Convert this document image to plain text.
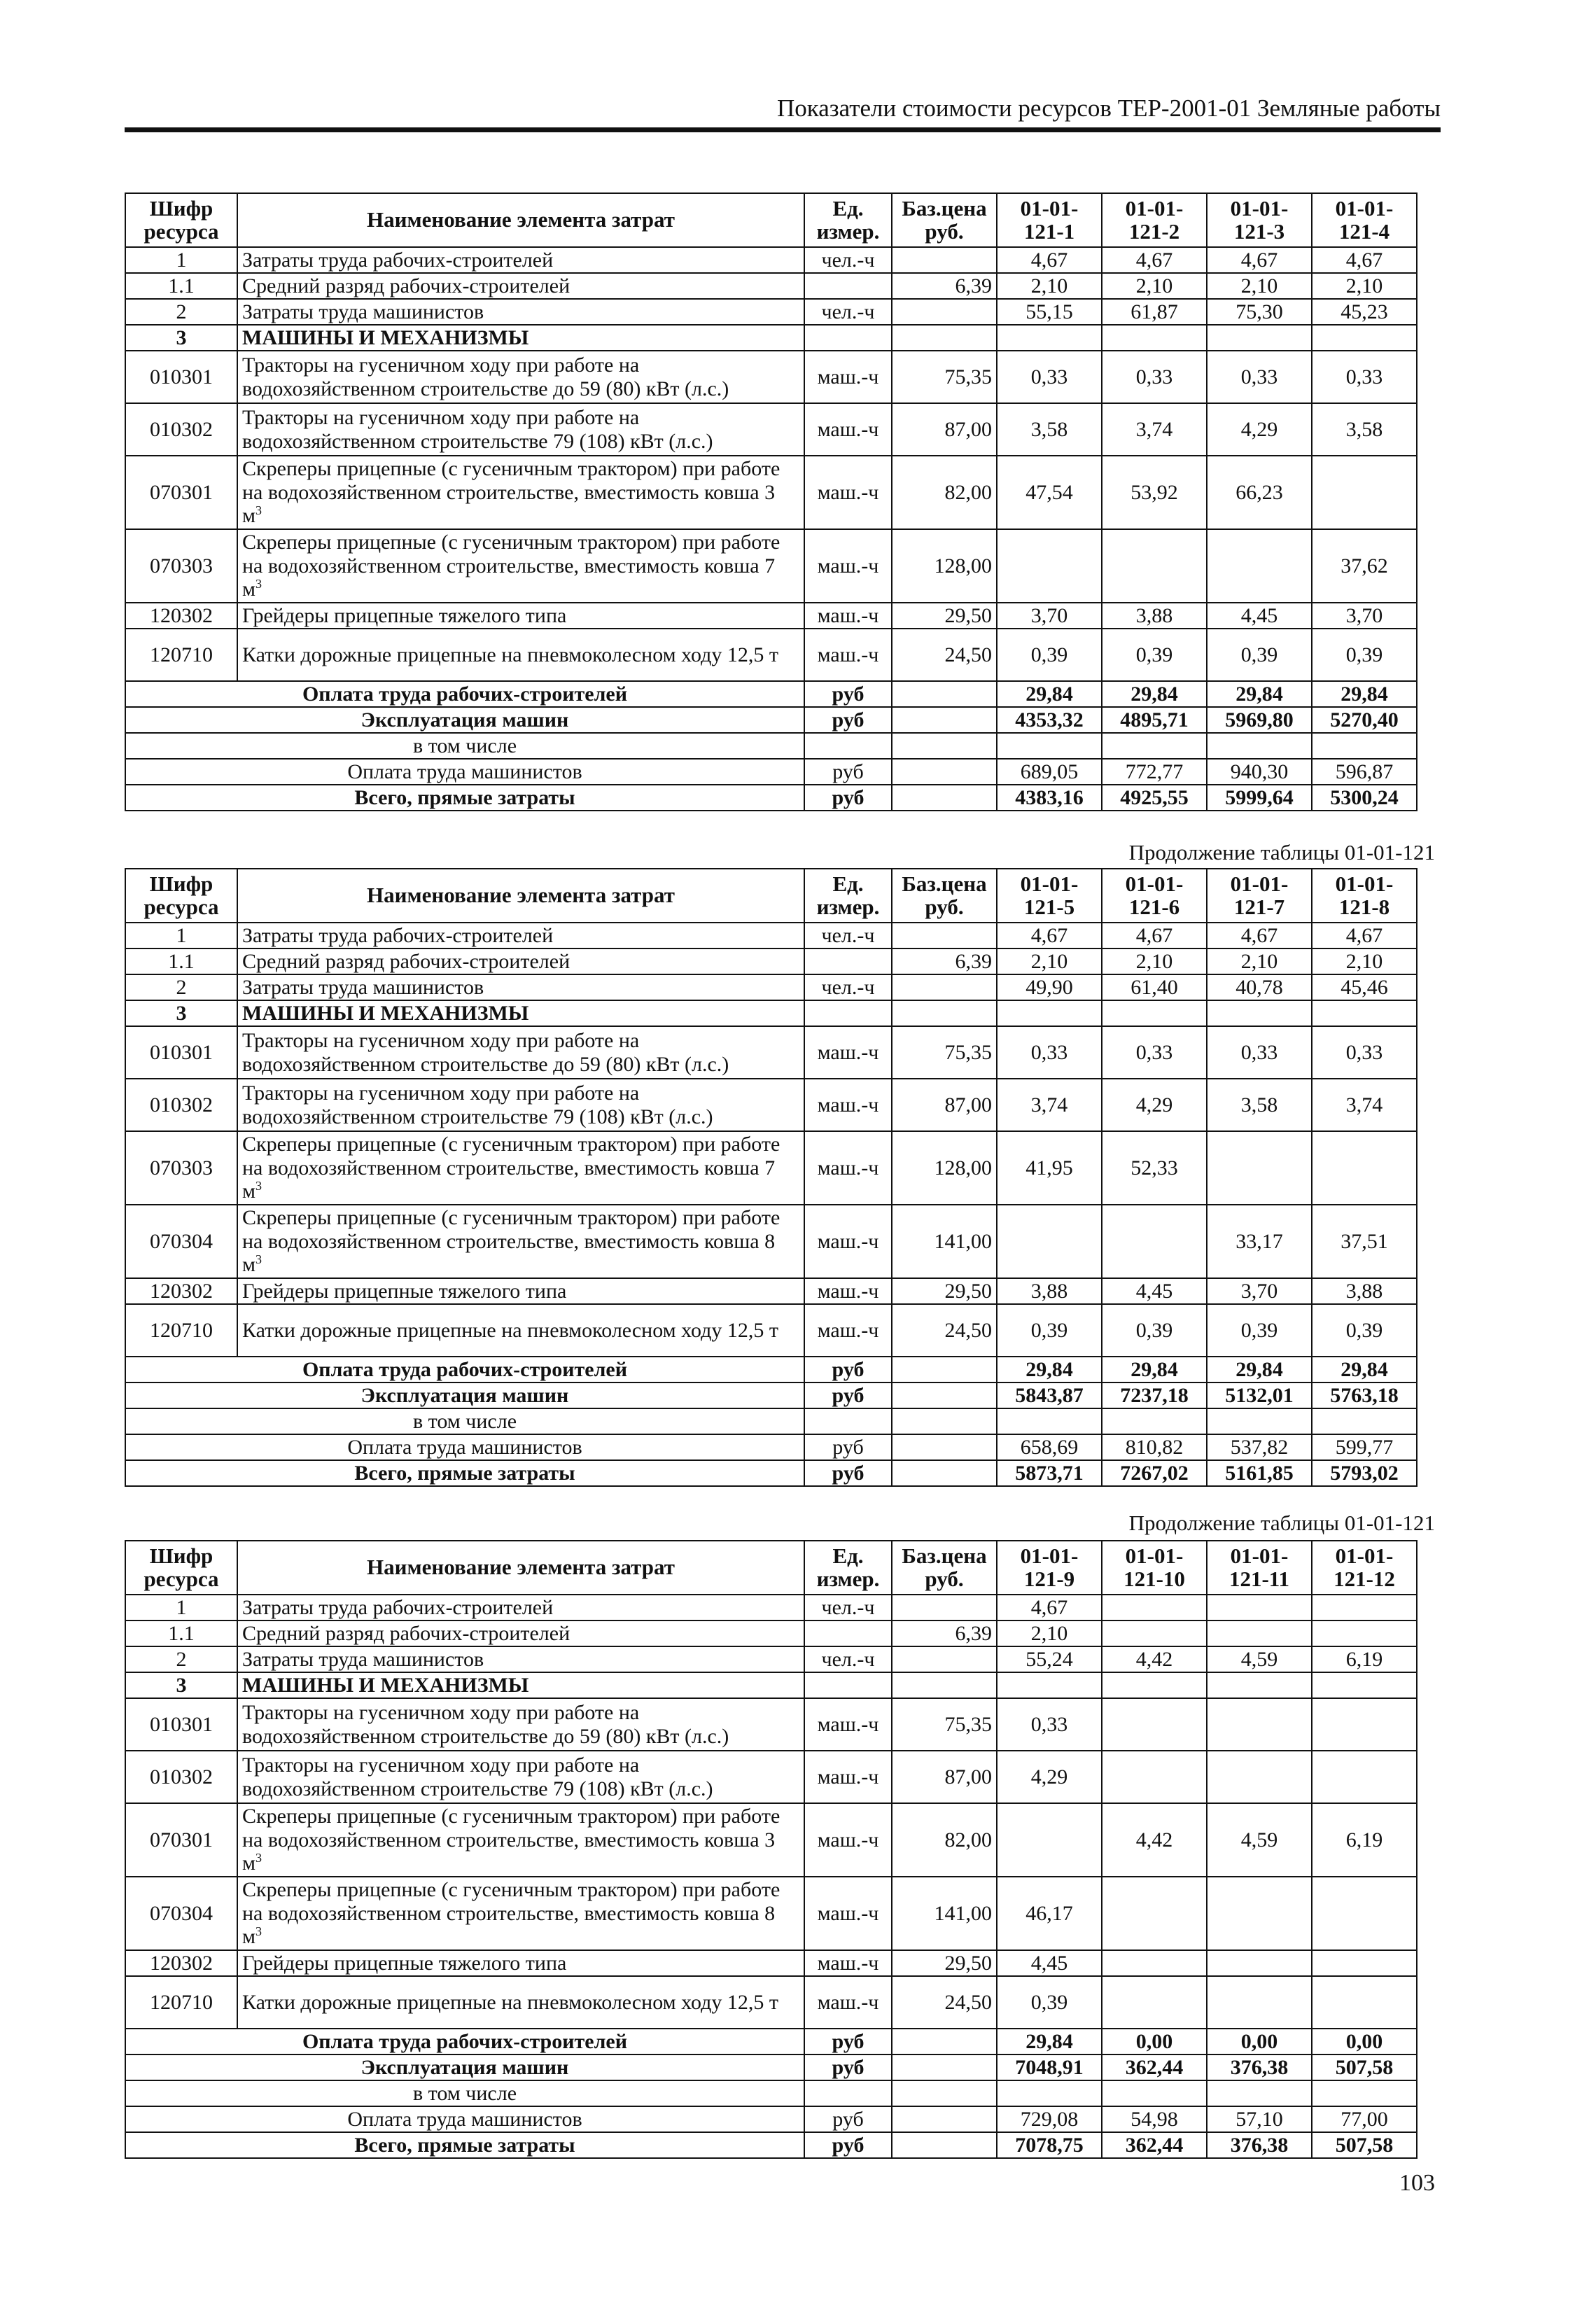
Показатели стоимости ресурсов ТЕР-2001-01 Земляные работы
Шифр ресурса	Наименование элемента затрат	Ед. измер.	Баз.цена руб.	01-01-121-1	01-01-121-2	01-01-121-3	01-01-121-4
1	Затраты труда рабочих-строителей	чел.-ч		4,67	4,67	4,67	4,67
1.1	Средний разряд рабочих-строителей		6,39	2,10	2,10	2,10	2,10
2	Затраты труда машинистов	чел.-ч		55,15	61,87	75,30	45,23
3	МАШИНЫ И МЕХАНИЗМЫ						
010301	Тракторы на гусеничном ходу при работе на водохозяйственном строительстве до 59 (80) кВт (л.с.)	маш.-ч	75,35	0,33	0,33	0,33	0,33
010302	Тракторы на гусеничном ходу при работе на водохозяйственном строительстве 79 (108) кВт (л.с.)	маш.-ч	87,00	3,58	3,74	4,29	3,58
070301	Скреперы прицепные (с гусеничным трактором) при работе на водохозяйственном строительстве, вместимость ковша 3 $м^3$	маш.-ч	82,00	47,54	53,92	66,23	
070303	Скреперы прицепные (с гусеничным трактором) при работе на водохозяйственном строительстве, вместимость ковша 7 $м^3$	маш.-ч	128,00				37,62
120302	Грейдеры прицепные тяжелого типа	маш.-ч	29,50	3,70	3,88	4,45	3,70
120710	Катки дорожные прицепные на пневмоколесном ходу 12,5 т	маш.-ч	24,50	0,39	0,39	0,39	0,39
Оплата труда рабочих-строителей		руб		29,84	29,84	29,84	29,84
Эксплуатация машин		руб		4353,32	4895,71	5969,80	5270,40
в том числе							
Оплата труда машинистов		руб		689,05	772,77	940,30	596,87
Всего, прямые затраты		руб		4383,16	4925,55	5999,64	5300,24
Продолжение таблицы 01-01-121
Шифр ресурса	Наименование элемента затрат	Ед. измер.	Баз.цена руб.	01-01-121-5	01-01-121-6	01-01-121-7	01-01-121-8
1	Затраты труда рабочих-строителей	чел.-ч		4,67	4,67	4,67	4,67
1.1	Средний разряд рабочих-строителей		6,39	2,10	2,10	2,10	2,10
2	Затраты труда машинистов	чел.-ч		49,90	61,40	40,78	45,46
3	МАШИНЫ И МЕХАНИЗМЫ						
010301	Тракторы на гусеничном ходу при работе на водохозяйственном строительстве до 59 (80) кВт (л.с.)	маш.-ч	75,35	0,33	0,33	0,33	0,33
010302	Тракторы на гусеничном ходу при работе на водохозяйственном строительстве 79 (108) кВт (л.с.)	маш.-ч	87,00	3,74	4,29	3,58	3,74
070303	Скреперы прицепные (с гусеничным трактором) при работе на водохозяйственном строительстве, вместимость ковша 7 $м^3$	маш.-ч	128,00	41,95	52,33		
070304	Скреперы прицепные (с гусеничным трактором) при работе на водохозяйственном строительстве, вместимость ковша 8 $м^3$	маш.-ч	141,00			33,17	37,51
120302	Грейдеры прицепные тяжелого типа	маш.-ч	29,50	3,88	4,45	3,70	3,88
120710	Катки дорожные прицепные на пневмоколесном ходу 12,5 т	маш.-ч	24,50	0,39	0,39	0,39	0,39
Оплата труда рабочих-строителей		руб		29,84	29,84	29,84	29,84
Эксплуатация машин		руб		5843,87	7237,18	5132,01	5763,18
в том числе							
Оплата труда машинистов		руб		658,69	810,82	537,82	599,77
Всего, прямые затраты		руб		5873,71	7267,02	5161,85	5793,02
Продолжение таблицы 01-01-121
Шифр ресурса	Наименование элемента затрат	Ед. измер.	Баз.цена руб.	01-01-121-9	01-01-121-10	01-01-121-11	01-01-121-12
1	Затраты труда рабочих-строителей	чел.-ч		4,67			
1.1	Средний разряд рабочих-строителей		6,39	2,10			
2	Затраты труда машинистов	чел.-ч		55,24	4,42	4,59	6,19
3	МАШИНЫ И МЕХАНИЗМЫ						
010301	Тракторы на гусеничном ходу при работе на водохозяйственном строительстве до 59 (80) кВт (л.с.)	маш.-ч	75,35	0,33			
010302	Тракторы на гусеничном ходу при работе на водохозяйственном строительстве 79 (108) кВт (л.с.)	маш.-ч	87,00	4,29			
070301	Скреперы прицепные (с гусеничным трактором) при работе на водохозяйственном строительстве, вместимость ковша 3 $м^3$	маш.-ч	82,00		4,42	4,59	6,19
070304	Скреперы прицепные (с гусеничным трактором) при работе на водохозяйственном строительстве, вместимость ковша 8 $м^3$	маш.-ч	141,00	46,17			
120302	Грейдеры прицепные тяжелого типа	маш.-ч	29,50	4,45			
120710	Катки дорожные прицепные на пневмоколесном ходу 12,5 т	маш.-ч	24,50	0,39			
Оплата труда рабочих-строителей		руб		29,84	0,00	0,00	0,00
Эксплуатация машин		руб		7048,91	362,44	376,38	507,58
в том числе							
Оплата труда машинистов		руб		729,08	54,98	57,10	77,00
Всего, прямые затраты		руб		7078,75	362,44	376,38	507,58
103
